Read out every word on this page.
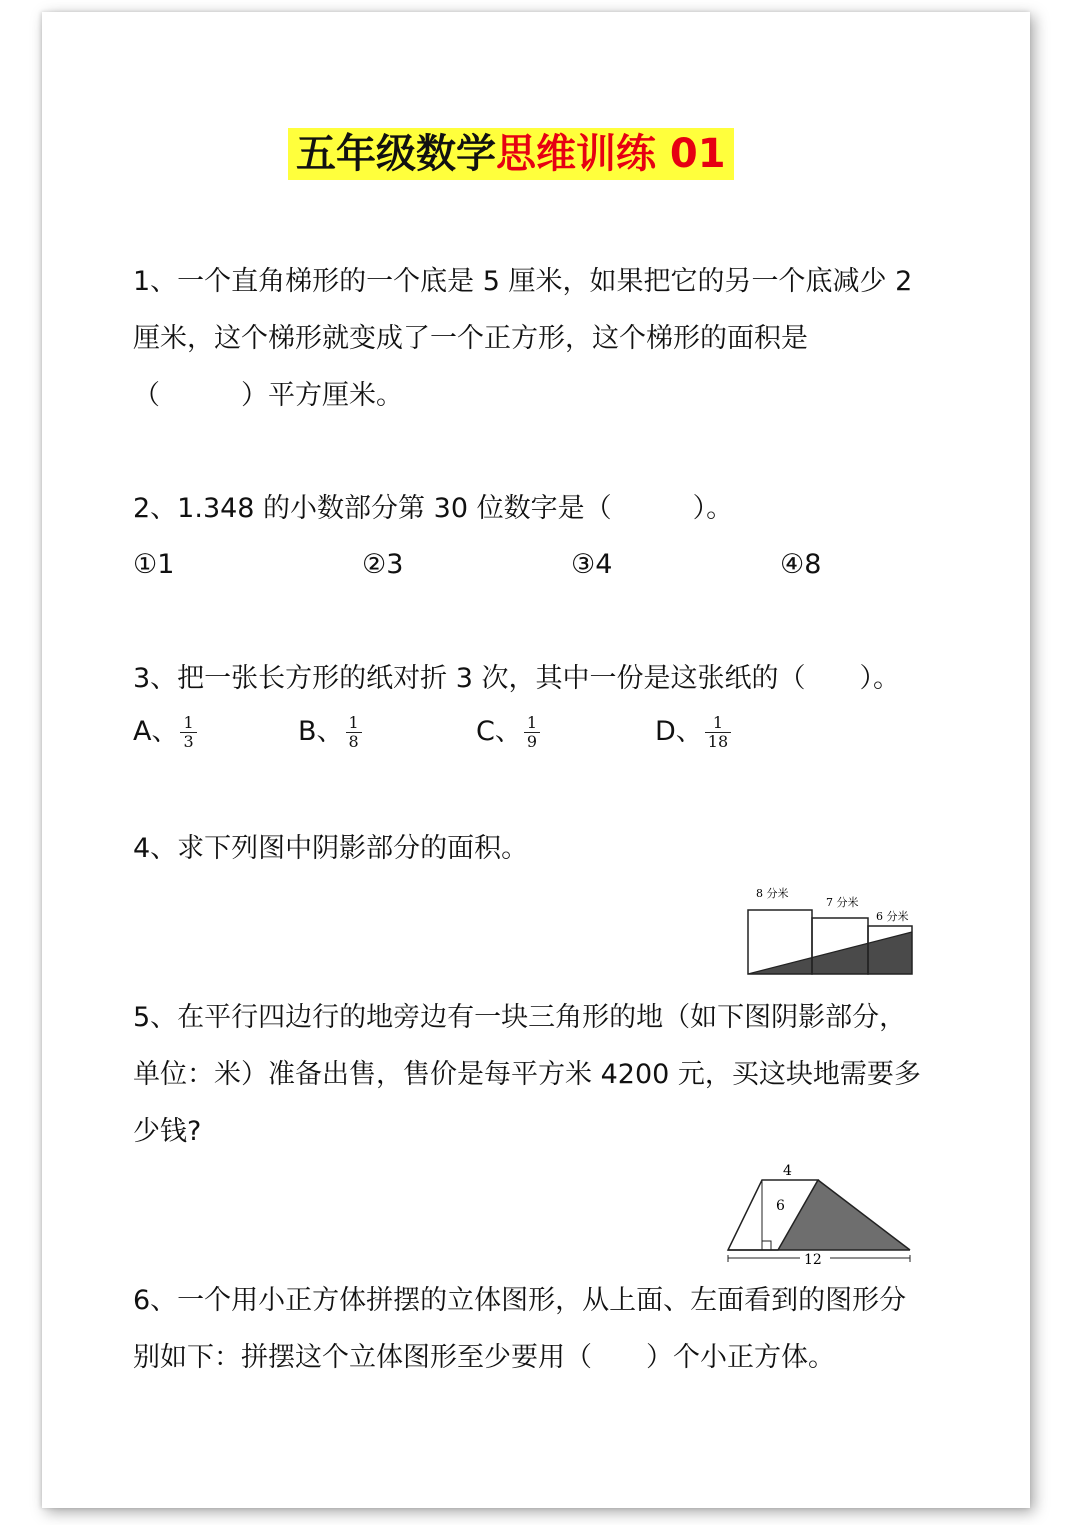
五年级数学思维训练 01
1、一个直角梯形的一个底是 5 厘米，如果把它的另一个底减少 2 厘米，这个梯形就变成了一个正方形，这个梯形的面积是（　　　）平方厘米。
2、1.348 的小数部分第 30 位数字是（　　　）。
①1	②3	③4	④8
3、把一张长方形的纸对折 3 次，其中一份是这张纸的（　　）。
A、 $\frac{1}{3}$	B、 $\frac{1}{8}$	C、 $\frac{1}{9}$	D、 $\frac{1}{18}$
4、求下列图中阴影部分的面积。
8 分米
7 分米
6 分米
5、在平行四边行的地旁边有一块三角形的地（如下图阴影部分，单位：米）准备出售，售价是每平方米 4200 元，买这块地需要多少钱?
4
6
12
6、一个用小正方体拼摆的立体图形，从上面、左面看到的图形分别如下：拼摆这个立体图形至少要用（　　）个小正方体。
